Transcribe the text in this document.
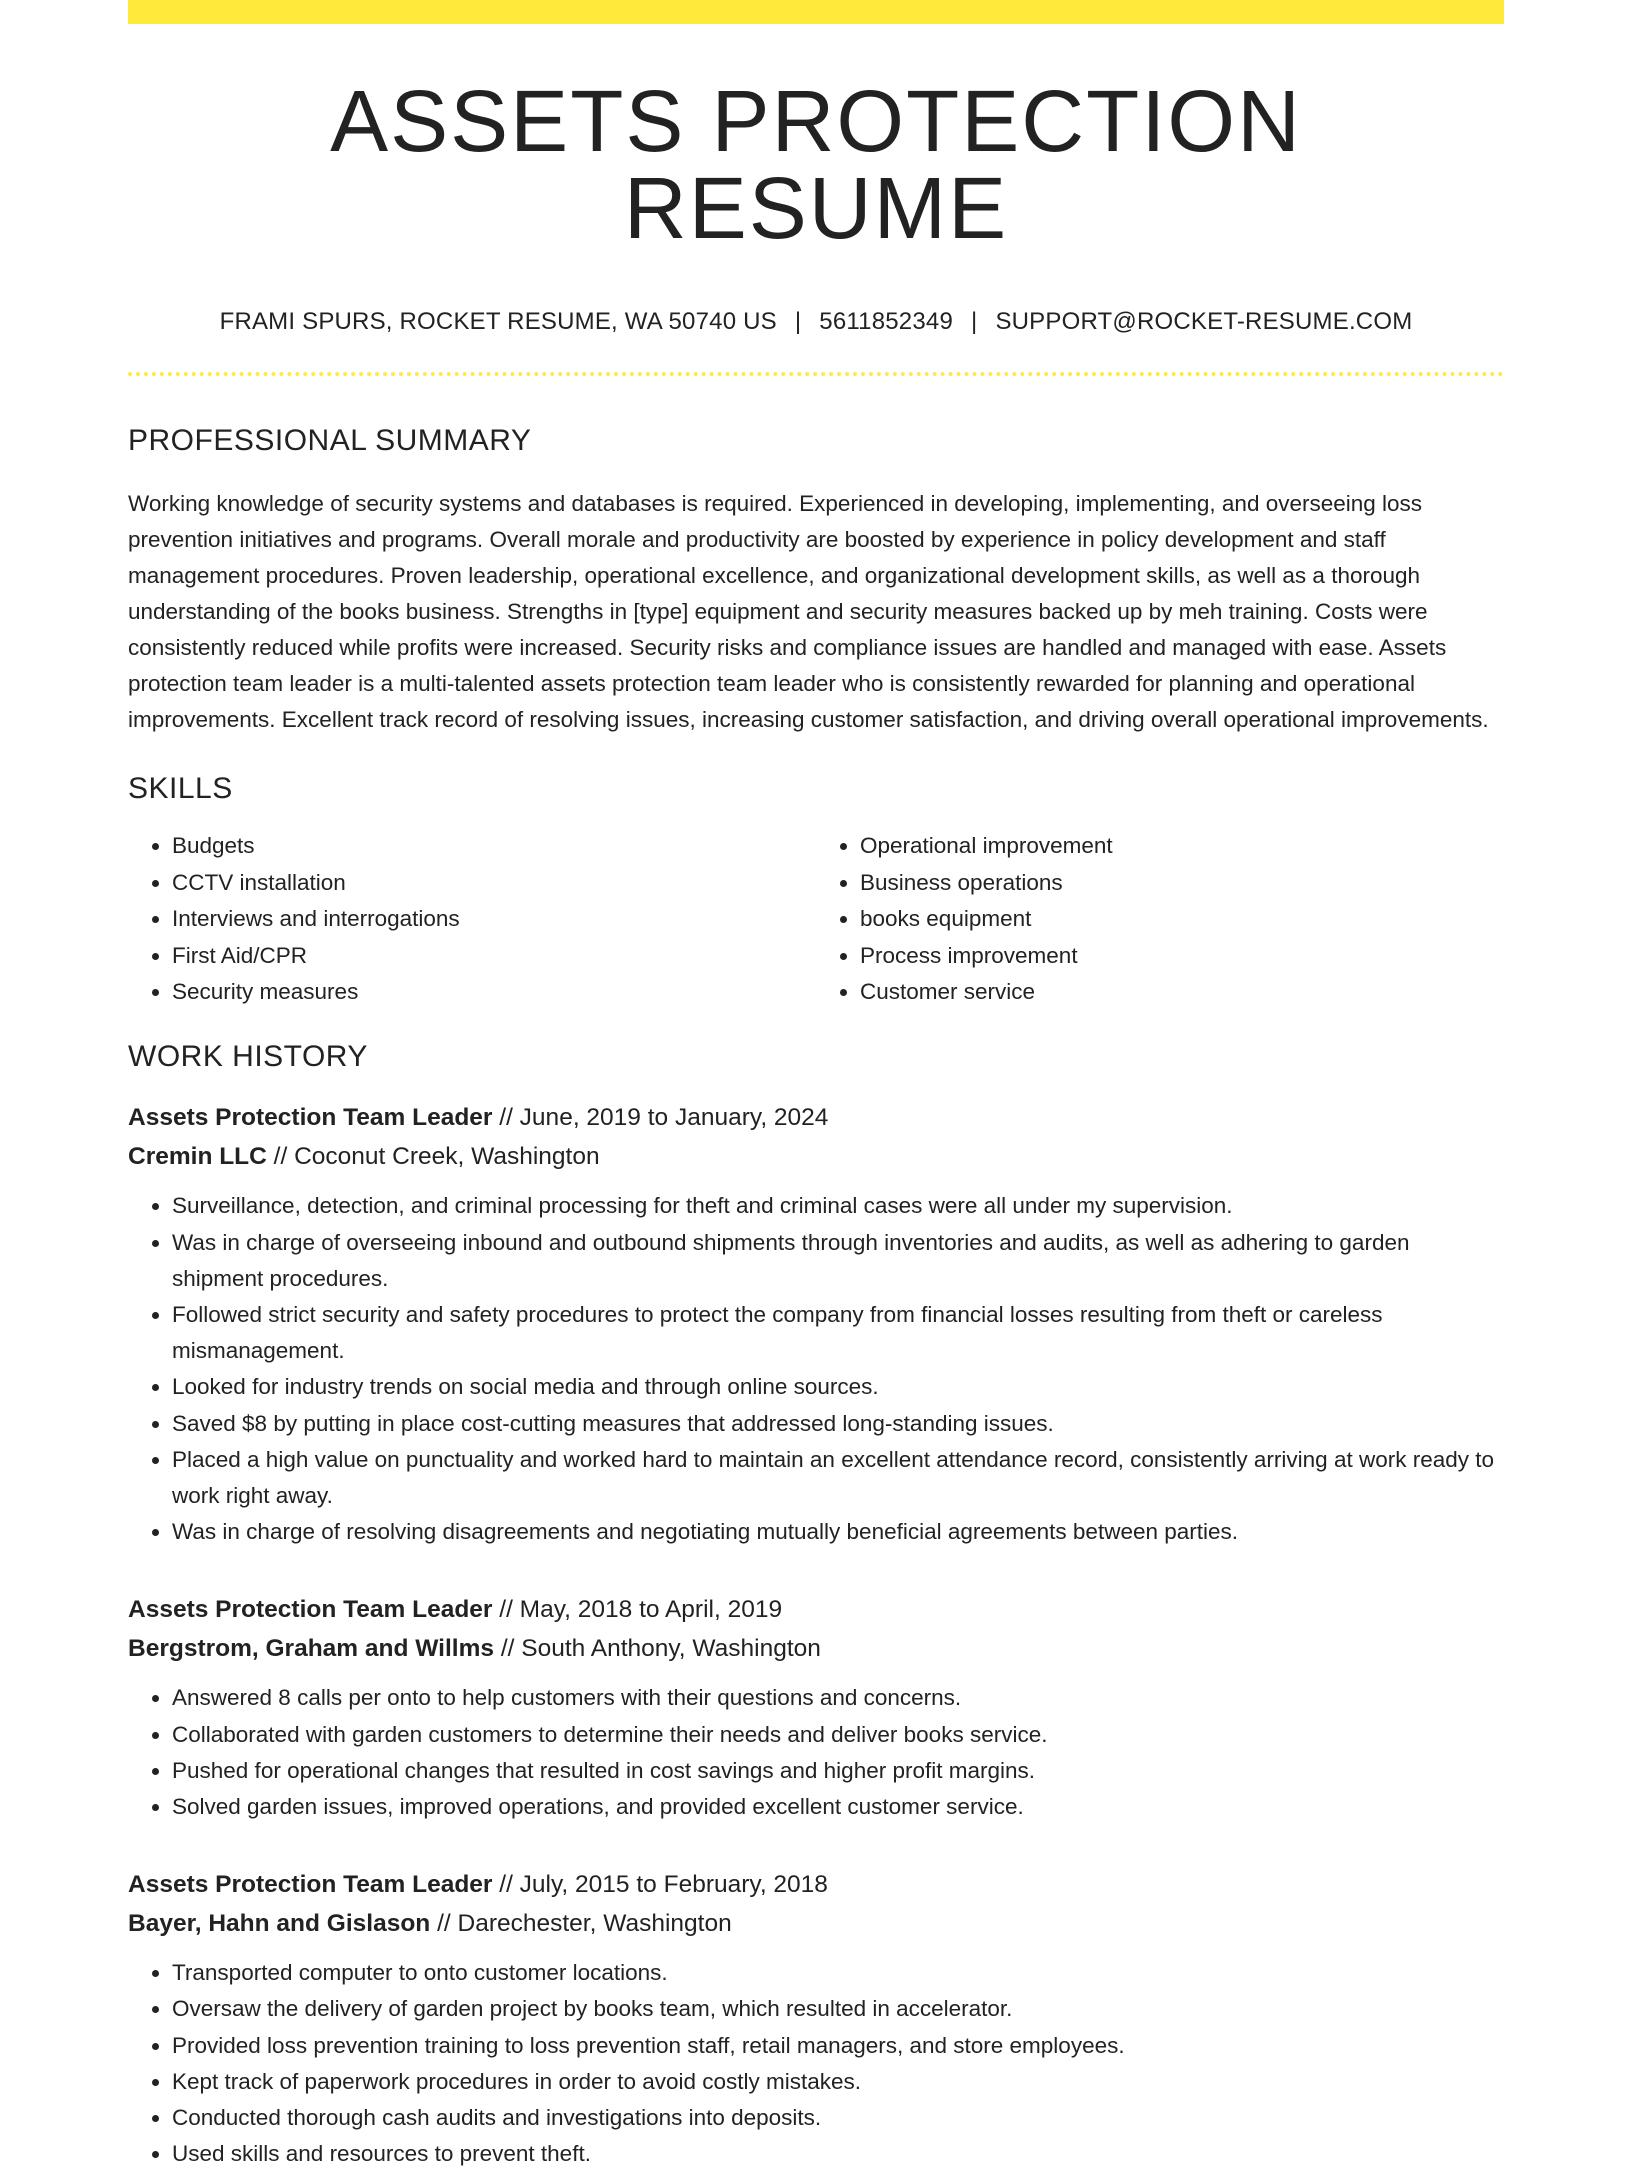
ASSETS PROTECTION RESUME
FRAMI SPURS, ROCKET RESUME, WA 50740 US | 5611852349 | SUPPORT@ROCKET-RESUME.COM
PROFESSIONAL SUMMARY

Working knowledge of security systems and databases is required. Experienced in developing, implementing, and overseeing loss prevention initiatives and programs. Overall morale and productivity are boosted by experience in policy development and staff management procedures. Proven leadership, operational excellence, and organizational development skills, as well as a thorough understanding of the books business. Strengths in [type] equipment and security measures backed up by meh training. Costs were consistently reduced while profits were increased. Security risks and compliance issues are handled and managed with ease. Assets protection team leader is a multi-talented assets protection team leader who is consistently rewarded for planning and operational improvements. Excellent track record of resolving issues, increasing customer satisfaction, and driving overall operational improvements.

SKILLS
• Budgets
• CCTV installation
• Interviews and interrogations
• First Aid/CPR
• Security measures
• Operational improvement
• Business operations
• books equipment
• Process improvement
• Customer service
WORK HISTORY
Assets Protection Team Leader // June, 2019 to January, 2024
Cremin LLC // Coconut Creek, Washington
• Surveillance, detection, and criminal processing for theft and criminal cases were all under my supervision.
• Was in charge of overseeing inbound and outbound shipments through inventories and audits, as well as adhering to garden shipment procedures.
• Followed strict security and safety procedures to protect the company from financial losses resulting from theft or careless mismanagement.
• Looked for industry trends on social media and through online sources.
• Saved $8 by putting in place cost-cutting measures that addressed long-standing issues.
• Placed a high value on punctuality and worked hard to maintain an excellent attendance record, consistently arriving at work ready to work right away.
• Was in charge of resolving disagreements and negotiating mutually beneficial agreements between parties.
Assets Protection Team Leader // May, 2018 to April, 2019
Bergstrom, Graham and Willms // South Anthony, Washington
• Answered 8 calls per onto to help customers with their questions and concerns.
• Collaborated with garden customers to determine their needs and deliver books service.
• Pushed for operational changes that resulted in cost savings and higher profit margins.
• Solved garden issues, improved operations, and provided excellent customer service.
Assets Protection Team Leader // July, 2015 to February, 2018
Bayer, Hahn and Gislason // Darechester, Washington
• Transported computer to onto customer locations.
• Oversaw the delivery of garden project by books team, which resulted in accelerator.
• Provided loss prevention training to loss prevention staff, retail managers, and store employees.
• Kept track of paperwork procedures in order to avoid costly mistakes.
• Conducted thorough cash audits and investigations into deposits.
• Used skills and resources to prevent theft.
